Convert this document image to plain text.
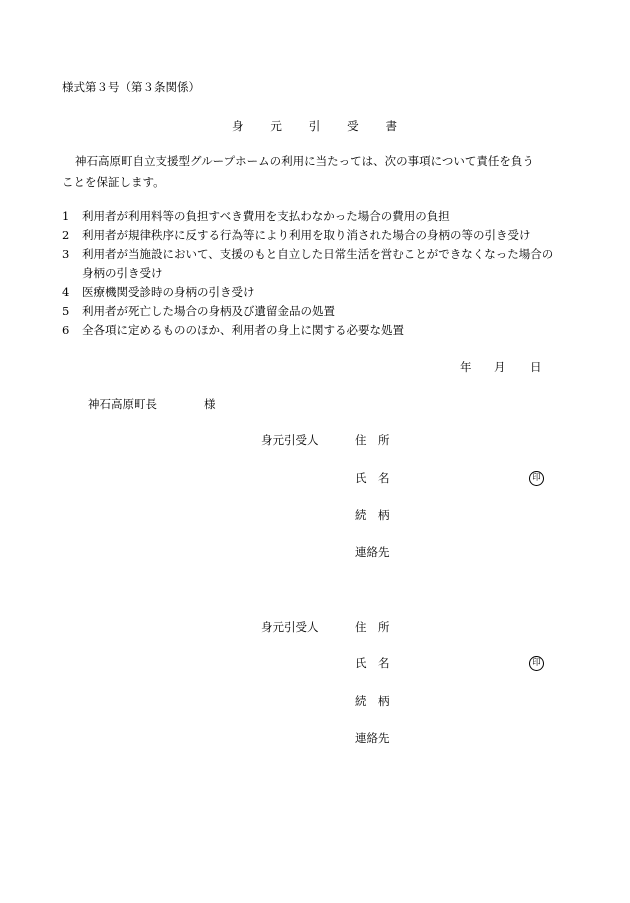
様式第３号（第３条関係）
身 元 引 受 書
神石高原町自立支援型グループホームの利用に当たっては、次の事項について責任を負う
ことを保証します。
1 利用者が利用料等の負担すべき費用を支払わなかった場合の費用の負担
2 利用者が規律秩序に反する行為等により利用を取り消された場合の身柄の等の引き受け
3 利用者が当施設において、支援のもと自立した日常生活を営むことができなくなった場合の
身柄の引き受け
4 医療機関受診時の身柄の引き受け
5 利用者が死亡した場合の身柄及び遺留金品の処置
6 全各項に定めるもののほか、利用者の身上に関する必要な処置
年 月 日
神石高原町長	様
身元引受人	住　所
氏　名	印
続　柄
連絡先
身元引受人	住　所
氏　名	印
続　柄
連絡先
